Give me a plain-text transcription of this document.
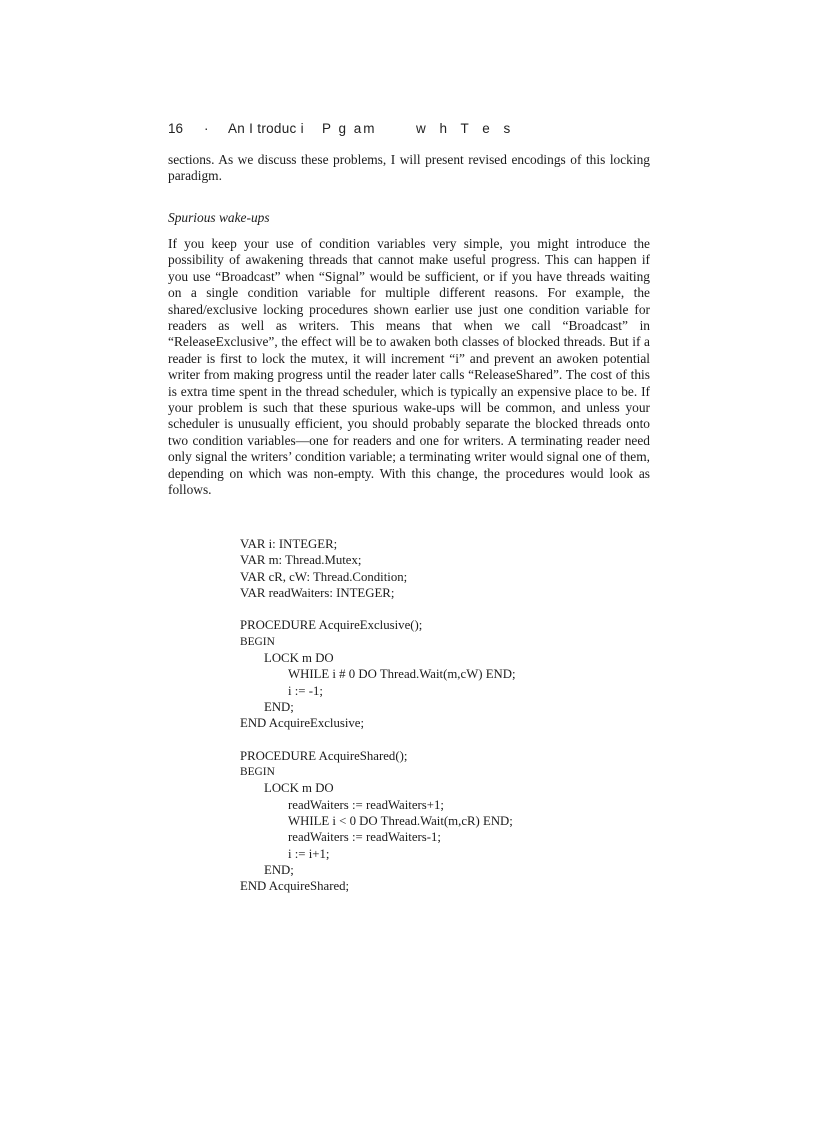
16 · An I troduc i P g am	w h T e s

sections. As we discuss these problems, I will present revised encodings of this locking paradigm.

Spurious wake-ups

If you keep your use of condition variables very simple, you might introduce the possibility of awakening threads that cannot make useful progress. This can happen if you use “Broadcast” when “Signal” would be sufficient, or if you have threads waiting on a single condition variable for multiple different reasons. For example, the shared/exclusive locking procedures shown earlier use just one condition variable for readers as well as writers. This means that when we call “Broadcast” in “ReleaseExclusive”, the effect will be to awaken both classes of blocked threads. But if a reader is first to lock the mutex, it will increment “i” and prevent an awoken potential writer from making progress until the reader later calls “ReleaseShared”. The cost of this is extra time spent in the thread scheduler, which is typically an expensive place to be. If your problem is such that these spurious wake-ups will be common, and unless your scheduler is unusually efficient, you should probably separate the blocked threads onto two condition variables—one for readers and one for writers. A terminating reader need only signal the writers’ condition variable; a terminating writer would signal one of them, depending on which was non-empty. With this change, the procedures would look as follows.

VAR i: INTEGER;
VAR m: Thread.Mutex;
VAR cR, cW: Thread.Condition;
VAR readWaiters: INTEGER;
PROCEDURE AcquireExclusive();
BEGIN
LOCK m DO
WHILE i # 0 DO Thread.Wait(m,cW) END;
i := -1;
END;
END AcquireExclusive;
PROCEDURE AcquireShared();
BEGIN
LOCK m DO
readWaiters := readWaiters+1;
WHILE i < 0 DO Thread.Wait(m,cR) END;
readWaiters := readWaiters-1;
i := i+1;
END;
END AcquireShared;
